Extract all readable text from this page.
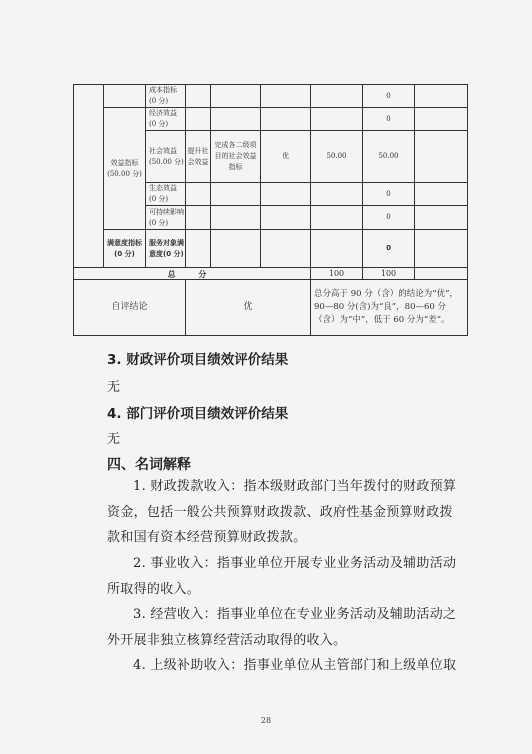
		成本指标(0 分)					0	
	效益指标(50.00 分)	经济效益(0 分)					0	
		社会效益(50.00 分)	提升社会效益	完成各二级项目的社会效益指标	优	50.00	50.00	
		生态效益(0 分)					0	
		可持续影响(0 分)					0	
	满意度指标(0 分)	服务对象满意度(0 分)					0	
总 分						100	100	
自评结论			优			总分高于 90 分（含）的结论为“优”，90—80 分(含)为“良”，80—60 分（含）为“中”，低于 60 分为“差”。		
3. 财政评价项目绩效评价结果
无
4. 部门评价项目绩效评价结果
无
四、名词解释
1. 财政拨款收入：指本级财政部门当年拨付的财政预算
资金，包括一般公共预算财政拨款、政府性基金预算财政拨
款和国有资本经营预算财政拨款。
2. 事业收入：指事业单位开展专业业务活动及辅助活动
所取得的收入。
3. 经营收入：指事业单位在专业业务活动及辅助活动之
外开展非独立核算经营活动取得的收入。
4. 上级补助收入：指事业单位从主管部门和上级单位取
28
